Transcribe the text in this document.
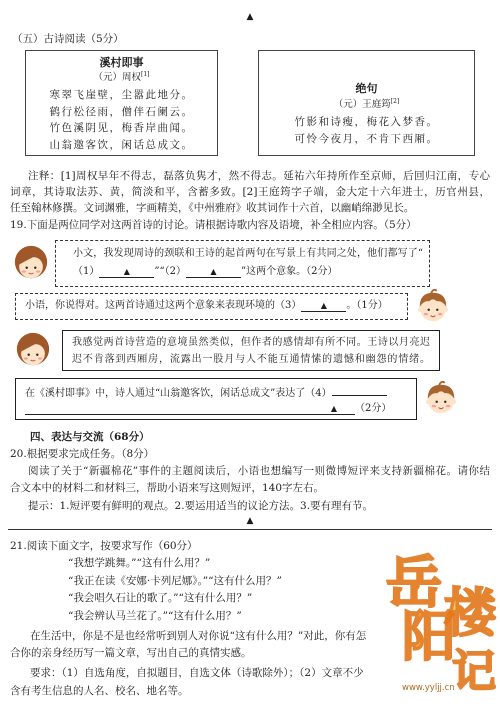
▲
（五）古诗阅读（5分）
溪村即事
（元）周权[1]
寒翠飞崖壁，尘嚣此地分。
鹤行松径雨，僧伴石阑云。
竹色溪阴见，梅香岸曲闻。
山翁邀客饮，闲话总成文。
绝句
（元）王庭筠[2]
竹影和诗瘦，梅花入梦香。
可怜今夜月，不肯下西厢。
注释：[1]周权早年不得志，磊落负隽才，然不得志。延祐六年持所作至京师，后回归江南，专心
词章，其诗取法苏、黄，简淡和平，含蓄多致。[2]王庭筠字子端，金大定十六年进士，历官州县，
任至翰林修撰。文词渊雅，字画精美，《中州雅府》收其词作十六首，以幽峭绵渺见长。
19.下面是两位同学对这两首诗的讨论。请根据诗歌内容及语境，补全相应内容。（5分）
小文，我发现周诗的颈联和王诗的起首两句在写景上有共同之处，他们都写了“
（1）	▲ ”“（2）	▲ ”这两个意象。（2分）
小语，你说得对。这两首诗通过这两个意象来表现环境的（3） ▲ 。（1分）
我感觉两首诗营造的意境虽然类似，但作者的感情却有所不同。王诗以月亮迟
迟不肯落到西厢房，流露出一股月与人不能互通情愫的遗憾和幽怨的情绪。
在《溪村即事》中，诗人通过“山翁邀客饮，闲话总成文”表达了（4）
▲ （2分）
四、表达与交流（68分）
20.根据要求完成任务。（8分）
阅读了关于“新疆棉花”事件的主题阅读后，小语也想编写一则微博短评来支持新疆棉花。请你结
合文本中的材料二和材料三，帮助小语来写这则短评，140字左右。
提示：1.短评要有鲜明的观点。2.要运用适当的议论方法。3.要有理有节。
▲
21.阅读下面文字，按要求写作（60分）
“我想学跳舞。”“这有什么用？”
“我正在读《安娜·卡列尼娜》。”“这有什么用？”
“我会唱久石让的歌了。”“这有什么用？”
“我会辨认马兰花了。”“这有什么用？”
在生活中，你是不是也经常听到别人对你说“这有什么用？”对此，你有怎
合你的亲身经历写一篇文章，写出自己的真情实感。
要求：（1）自选角度，自拟题目，自选文体（诗歌除外）；（2）文章不少
含有考生信息的人名、校名、地名等。
岳
阳
楼
记
www.yyljj.cn
